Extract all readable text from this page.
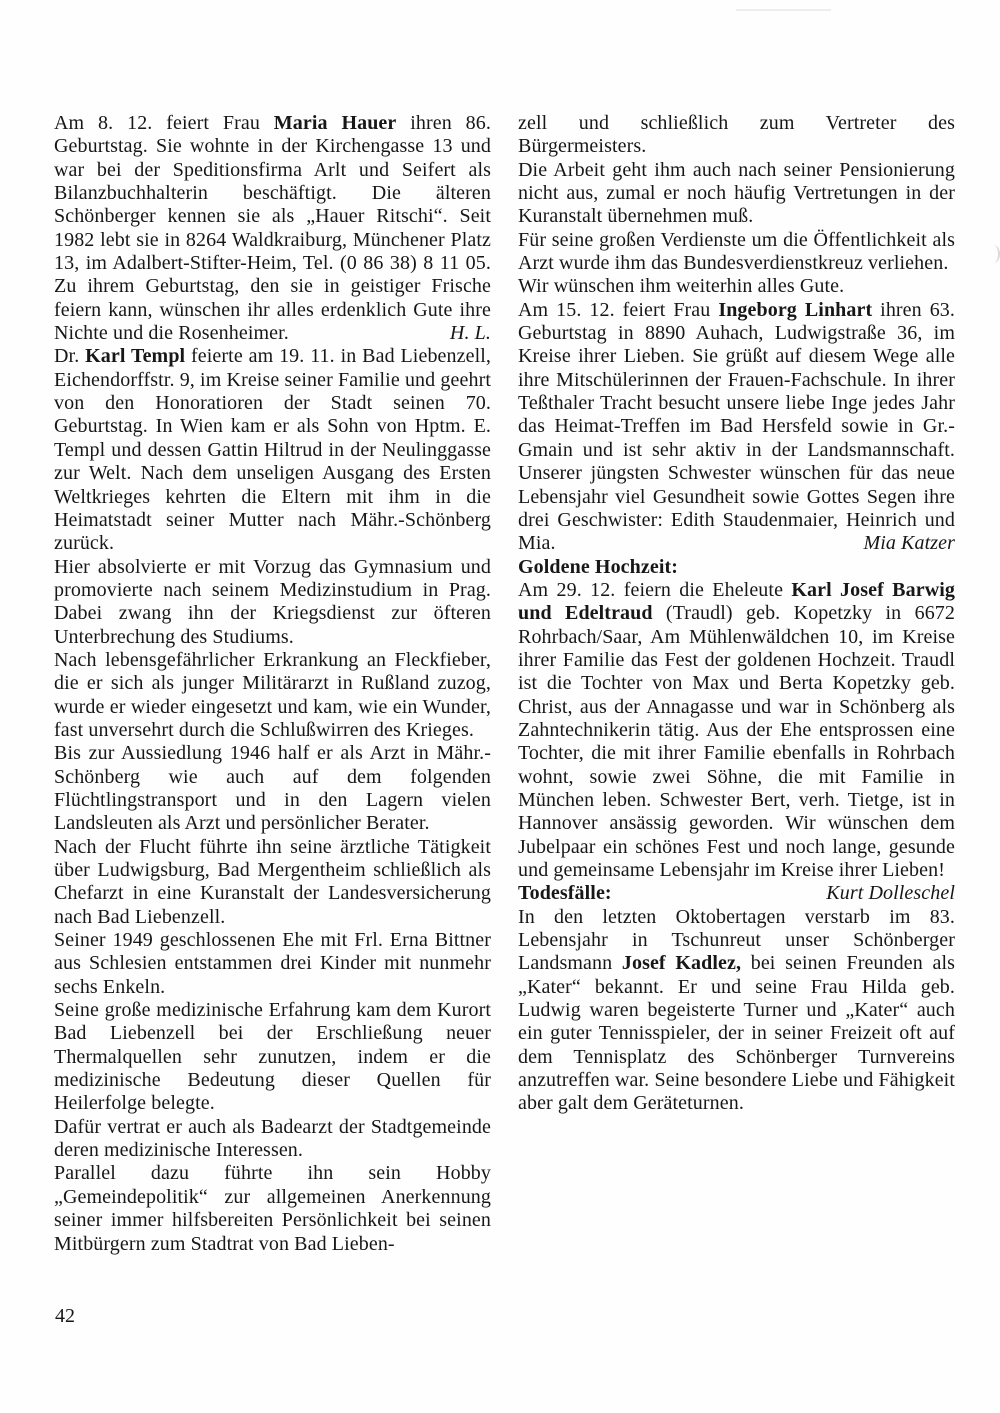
Am 8. 12. feiert Frau Maria Hauer ihren 86. Geburtstag. Sie wohnte in der Kirchengasse 13 und war bei der Speditionsfirma Arlt und Seifert als Bilanzbuchhalterin beschäftigt. Die älteren Schönberger kennen sie als „Hauer Ritschi“. Seit 1982 lebt sie in 8264 Waldkraiburg, Münchener Platz 13, im Adalbert-Stifter-Heim, Tel. (0 86 38) 8 11 05. Zu ihrem Geburtstag, den sie in geistiger Frische feiern kann, wünschen ihr alles erdenklich Gute ihre Nichte und die Rosenheimer.	H. L.

Dr. Karl Templ feierte am 19. 11. in Bad Liebenzell, Eichendorffstr. 9, im Kreise seiner Familie und geehrt von den Honoratioren der Stadt seinen 70. Geburtstag. In Wien kam er als Sohn von Hptm. E. Templ und dessen Gattin Hiltrud in der Neulinggasse zur Welt. Nach dem unseligen Ausgang des Ersten Weltkrieges kehrten die Eltern mit ihm in die Heimatstadt seiner Mutter nach Mähr.-Schönberg zurück.

Hier absolvierte er mit Vorzug das Gymnasium und promovierte nach seinem Medizinstudium in Prag. Dabei zwang ihn der Kriegsdienst zur öfteren Unterbrechung des Studiums.

Nach lebensgefährlicher Erkrankung an Fleckfieber, die er sich als junger Militärarzt in Rußland zuzog, wurde er wieder eingesetzt und kam, wie ein Wunder, fast unversehrt durch die Schlußwirren des Krieges.

Bis zur Aussiedlung 1946 half er als Arzt in Mähr.-Schönberg wie auch auf dem folgenden Flüchtlingstransport und in den Lagern vielen Landsleuten als Arzt und persönlicher Berater.

Nach der Flucht führte ihn seine ärztliche Tätigkeit über Ludwigsburg, Bad Mergentheim schließlich als Chefarzt in eine Kuranstalt der Landesversicherung nach Bad Liebenzell.

Seiner 1949 geschlossenen Ehe mit Frl. Erna Bittner aus Schlesien entstammen drei Kinder mit nunmehr sechs Enkeln.

Seine große medizinische Erfahrung kam dem Kurort Bad Liebenzell bei der Erschließung neuer Thermalquellen sehr zunutzen, indem er die medizinische Bedeutung dieser Quellen für Heilerfolge belegte.

Dafür vertrat er auch als Badearzt der Stadtgemeinde deren medizinische Interessen.

Parallel dazu führte ihn sein Hobby „Gemeindepolitik“ zur allgemeinen Anerkennung seiner immer hilfsbereiten Persönlichkeit bei seinen Mitbürgern zum Stadtrat von Bad Lieben-

zell und schließlich zum Vertreter des Bürgermeisters.

Die Arbeit geht ihm auch nach seiner Pensionierung nicht aus, zumal er noch häufig Vertretungen in der Kuranstalt übernehmen muß.

Für seine großen Verdienste um die Öffentlichkeit als Arzt wurde ihm das Bundesverdienstkreuz verliehen.

Wir wünschen ihm weiterhin alles Gute.

Am 15. 12. feiert Frau Ingeborg Linhart ihren 63. Geburtstag in 8890 Auhach, Ludwigstraße 36, im Kreise ihrer Lieben. Sie grüßt auf diesem Wege alle ihre Mitschülerinnen der Frauen-Fachschule. In ihrer Teßthaler Tracht besucht unsere liebe Inge jedes Jahr das Heimat-Treffen im Bad Hersfeld sowie in Gr.-Gmain und ist sehr aktiv in der Landsmannschaft. Unserer jüngsten Schwester wünschen für das neue Lebensjahr viel Gesundheit sowie Gottes Segen ihre drei Geschwister: Edith Staudenmaier, Heinrich und Mia.	Mia Katzer

Goldene Hochzeit:

Am 29. 12. feiern die Eheleute Karl Josef Barwig und Edeltraud (Traudl) geb. Kopetzky in 6672 Rohrbach/Saar, Am Mühlenwäldchen 10, im Kreise ihrer Familie das Fest der goldenen Hochzeit. Traudl ist die Tochter von Max und Berta Kopetzky geb. Christ, aus der Annagasse und war in Schönberg als Zahntechnikerin tätig. Aus der Ehe entsprossen eine Tochter, die mit ihrer Familie ebenfalls in Rohrbach wohnt, sowie zwei Söhne, die mit Familie in München leben. Schwester Bert, verh. Tietge, ist in Hannover ansässig geworden. Wir wünschen dem Jubelpaar ein schönes Fest und noch lange, gesunde und gemeinsame Lebensjahr im Kreise ihrer Lieben!
Kurt Dolleschel

Todesfälle:

In den letzten Oktobertagen verstarb im 83. Lebensjahr in Tschunreut unser Schönberger Landsmann Josef Kadlez, bei seinen Freunden als „Kater“ bekannt. Er und seine Frau Hilda geb. Ludwig waren begeisterte Turner und „Kater“ auch ein guter Tennisspieler, der in seiner Freizeit oft auf dem Tennisplatz des Schönberger Turnvereins anzutreffen war. Seine besondere Liebe und Fähigkeit aber galt dem Geräteturnen.

42
